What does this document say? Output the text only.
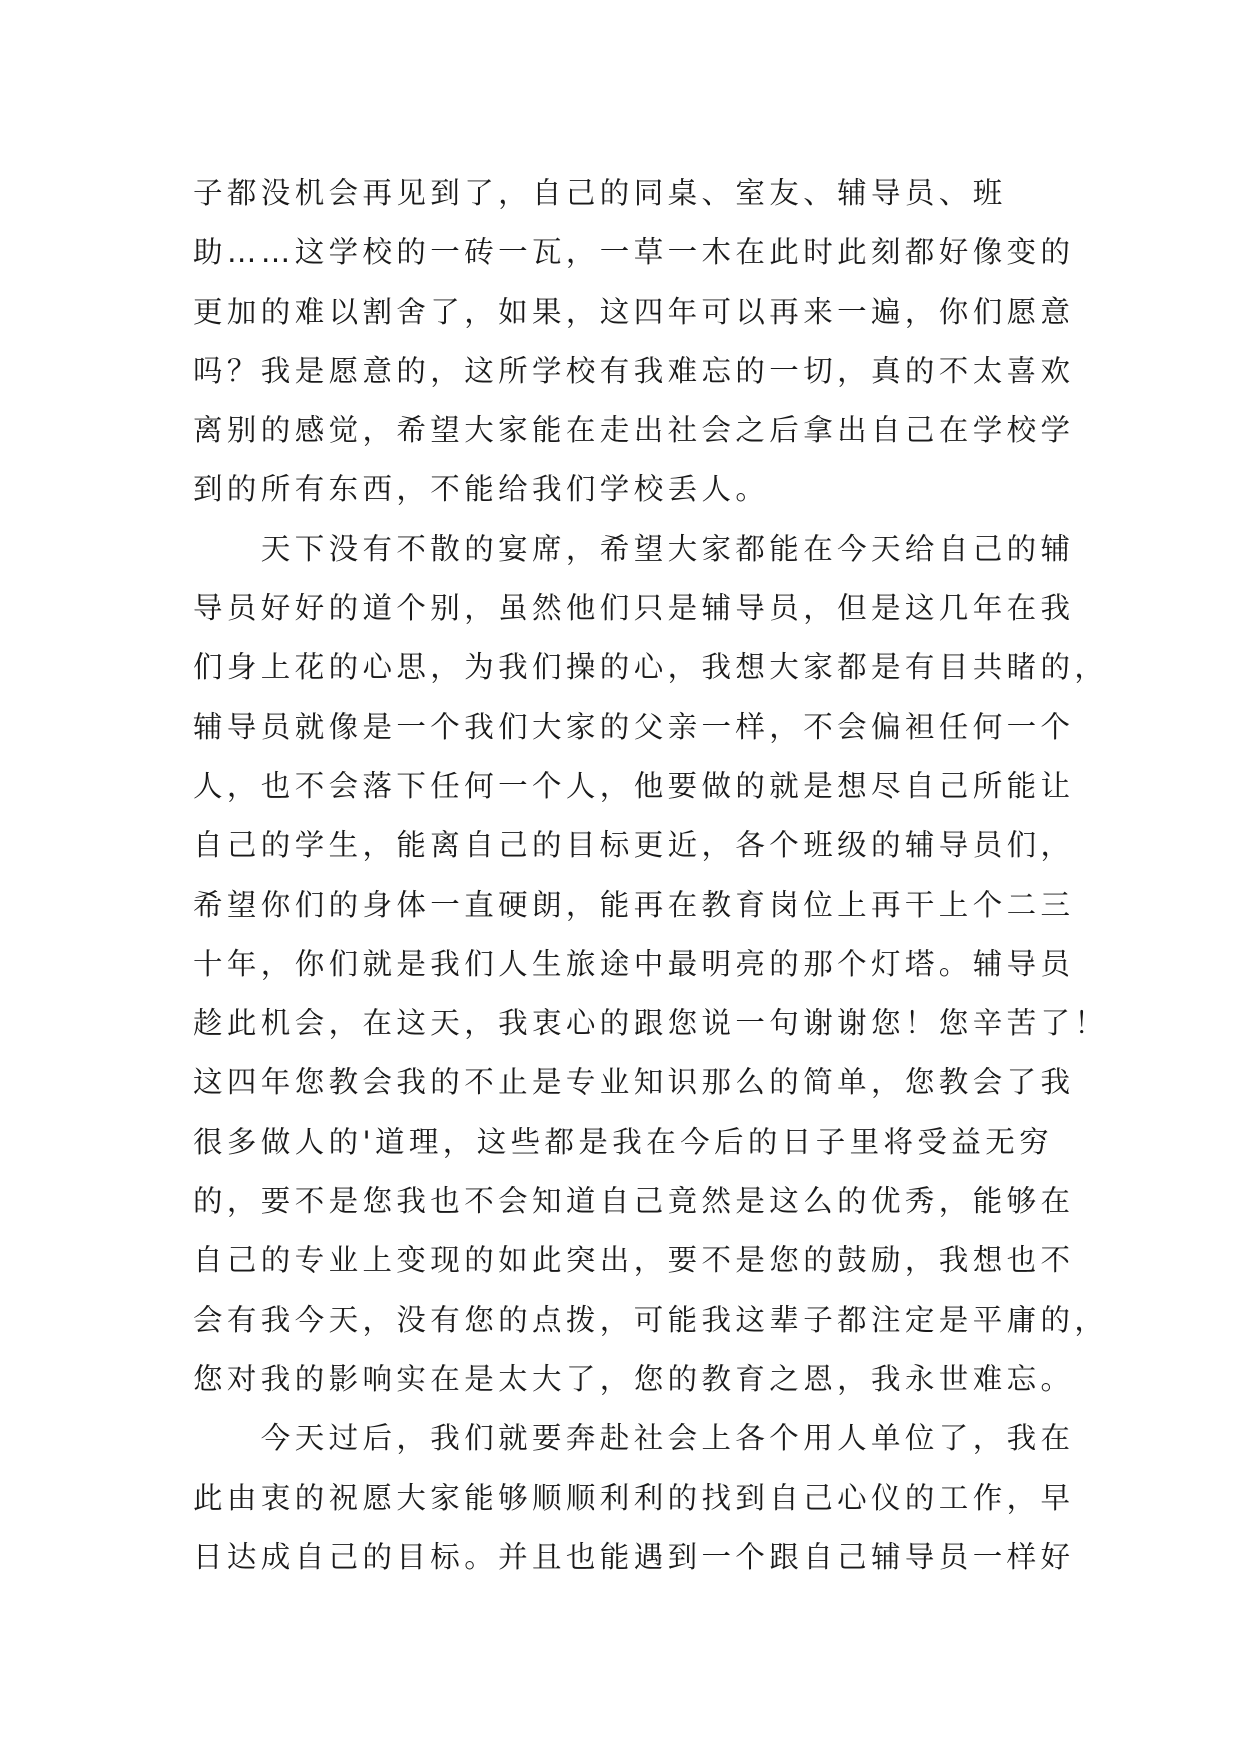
子都没机会再见到了，自己的同桌、室友、辅导员、班
助……这学校的一砖一瓦，一草一木在此时此刻都好像变的
更加的难以割舍了，如果，这四年可以再来一遍，你们愿意
吗？我是愿意的，这所学校有我难忘的一切，真的不太喜欢
离别的感觉，希望大家能在走出社会之后拿出自己在学校学
到的所有东西，不能给我们学校丢人。
　　天下没有不散的宴席，希望大家都能在今天给自己的辅
导员好好的道个别，虽然他们只是辅导员，但是这几年在我
们身上花的心思，为我们操的心，我想大家都是有目共睹的，
辅导员就像是一个我们大家的父亲一样，不会偏袒任何一个
人，也不会落下任何一个人，他要做的就是想尽自己所能让
自己的学生，能离自己的目标更近，各个班级的辅导员们，
希望你们的身体一直硬朗，能再在教育岗位上再干上个二三
十年，你们就是我们人生旅途中最明亮的那个灯塔。辅导员
趁此机会，在这天，我衷心的跟您说一句谢谢您！您辛苦了！
这四年您教会我的不止是专业知识那么的简单，您教会了我
很多做人的'道理，这些都是我在今后的日子里将受益无穷
的，要不是您我也不会知道自己竟然是这么的优秀，能够在
自己的专业上变现的如此突出，要不是您的鼓励，我想也不
会有我今天，没有您的点拨，可能我这辈子都注定是平庸的，
您对我的影响实在是太大了，您的教育之恩，我永世难忘。
　　今天过后，我们就要奔赴社会上各个用人单位了，我在
此由衷的祝愿大家能够顺顺利利的找到自己心仪的工作，早
日达成自己的目标。并且也能遇到一个跟自己辅导员一样好
